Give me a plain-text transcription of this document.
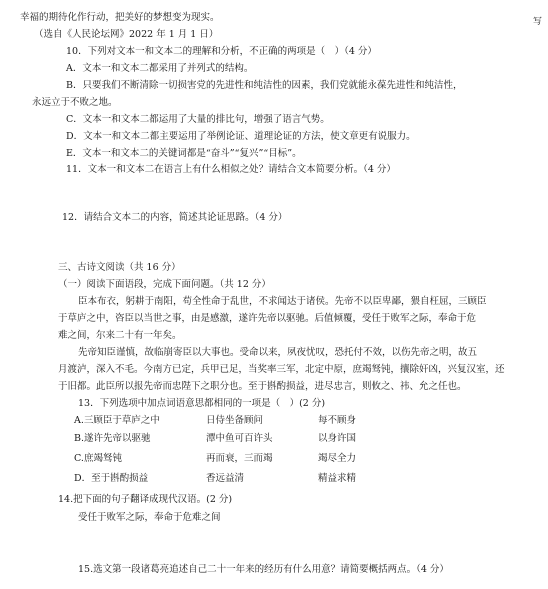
写
幸福的期待化作行动，把美好的梦想变为现实。
（选自《人民论坛网》2022 年 1 月 1 日）
10．下列对文本一和文本二的理解和分析，不正确的两项是（　）（4 分）
A．文本一和文本二都采用了并列式的结构。
B．只要我们不断清除一切损害党的先进性和纯洁性的因素，我们党就能永葆先进性和纯洁性，
永远立于不败之地。
C．文本一和文本二都运用了大量的排比句，增强了语言气势。
D．文本一和文本二都主要运用了举例论证、道理论证的方法，使文章更有说服力。
E．文本一和文本二的关键词都是“奋斗”“复兴”“目标”。
11．文本一和文本二在语言上有什么相似之处？请结合文本简要分析。（4 分）
12．请结合文本二的内容，简述其论证思路。（4 分）
三、古诗文阅读（共 16 分）
（一）阅读下面语段，完成下面问题。（共 12 分）
臣本布衣，躬耕于南阳，苟全性命于乱世，不求闻达于诸侯。先帝不以臣卑鄙，猥自枉屈，三顾臣
于草庐之中，咨臣以当世之事，由是感激，遂许先帝以驱驰。后值倾覆，受任于败军之际，奉命于危
难之间，尔来二十有一年矣。
先帝知臣谨慎，故临崩寄臣以大事也。受命以来，夙夜忧叹，恐托付不效，以伤先帝之明，故五
月渡泸，深入不毛。今南方已定，兵甲已足，当奖率三军，北定中原，庶竭驽钝，攘除奸凶，兴复汉室，还
于旧都。此臣所以报先帝而忠陛下之职分也。至于斟酌损益，进尽忠言，则攸之、祎、允之任也。
13．下列选项中加点词语意思都相同的一项是（　）(2 分)
A.三顾臣于草庐之中	日侍坐备顾问	每不顾身
B.遂许先帝以驱驰	潭中鱼可百许头	以身许国
C.庶竭驽钝	再而衰，三而竭	竭尽全力
D．至于斟酌损益	香远益清	精益求精
14.把下面的句子翻译成现代汉语。(2 分)
受任于败军之际，奉命于危难之间
15.选文第一段诸葛亮追述自己二十一年来的经历有什么用意？请简要概括两点。（4 分）
